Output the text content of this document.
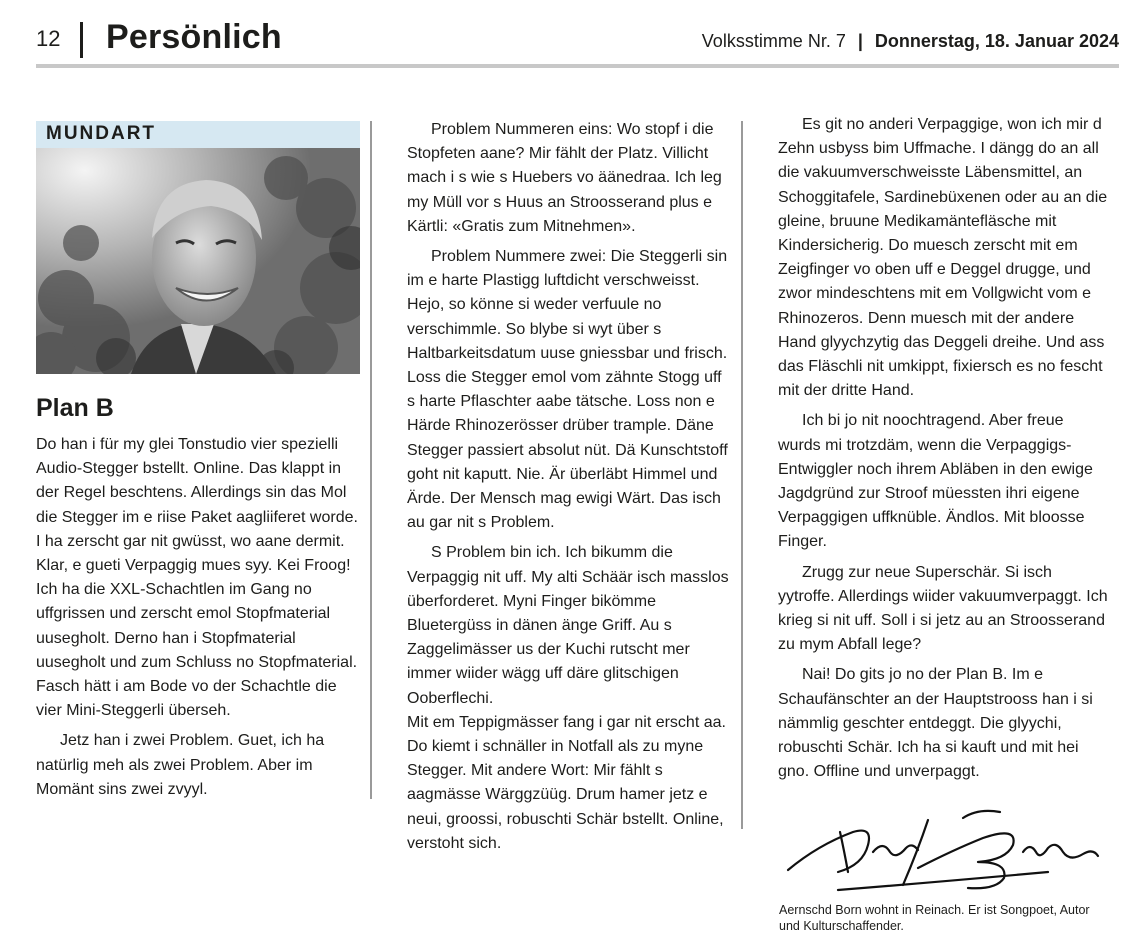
12 Persönlich	Volksstimme Nr. 7 | Donnerstag, 18. Januar 2024
MUNDART
Plan B

Do han i für my glei Tonstudio vier spezielli Audio-Stegger bstellt. Online. Das klappt in der Regel beschtens. Allerdings sin das Mol die Stegger im e riise Paket aagliiferet worde. I ha zerscht gar nit gwüsst, wo aane dermit. Klar, e gueti Verpaggig mues syy. Kei Froog! Ich ha die XXL-Schachtlen im Gang no uffgrissen und zerscht emol Stopfmaterial uusegholt. Derno han i Stopfmaterial uusegholt und zum Schluss no Stopfmaterial. Fasch hätt i am Bode vo der Schachtle die vier Mini-Steggerli überseh.

Jetz han i zwei Problem. Guet, ich ha natürlig meh als zwei Problem. Aber im Momänt sins zwei zvyyl.

Problem Nummeren eins: Wo stopf i die Stopfeten aane? Mir fählt der Platz. Villicht mach i s wie s Huebers vo äänedraa. Ich leg my Müll vor s Huus an Stroosserand plus e Kärtli: «Gratis zum Mitnehmen».

Problem Nummere zwei: Die Steggerli sin im e harte Plastigg luftdicht verschweisst. Hejo, so könne si weder verfuule no verschimmle. So blybe si wyt über s Haltbarkeitsdatum uuse gniessbar und frisch.

Loss die Stegger emol vom zähnte Stogg uff s harte Pflaschter aabe tätsche. Loss non e Härde Rhinozerösser drüber trample. Däne Stegger passiert absolut nüt. Dä Kunschtstoff goht nit kaputt. Nie. Är überläbt Himmel und Ärde. Der Mensch mag ewigi Wärt. Das isch au gar nit s Problem.

S Problem bin ich. Ich bikumm die Verpaggig nit uff. My alti Schäär isch masslos überforderet. Myni Finger bikömme Bluetergüss in dänen änge Griff. Au s Zaggelimässer us der Kuchi rutscht mer immer wiider wägg uff däre glitschigen Ooberflechi.

Mit em Teppigmässer fang i gar nit erscht aa. Do kiemt i schnäller in Notfall als zu myne Stegger. Mit andere Wort: Mir fählt s aagmässe Wärggzüüg. Drum hamer jetz e neui, groossi, robuschti Schär bstellt. Online, verstoht sich.

Es git no anderi Verpaggige, won ich mir d Zehn usbyss bim Uffmache. I dängg do an all die vakuumverschweisste Läbensmittel, an Schoggitafele, Sardinebüxenen oder au an die gleine, bruune Medikamäntefläsche mit Kindersicherig. Do muesch zerscht mit em Zeigfinger vo oben uff e Deggel drugge, und zwor mindeschtens mit em Vollgwicht vom e Rhinozeros. Denn muesch mit der andere Hand glyychzytig das Deggeli dreihe. Und ass das Fläschli nit umkippt, fixiersch es no fescht mit der dritte Hand.

Ich bi jo nit noochtragend. Aber freue wurds mi trotzdäm, wenn die Verpaggigs-Entwiggler noch ihrem Abläben in den ewige Jagdgründ zur Stroof müessten ihri eigene Verpaggigen uffknüble. Ändlos. Mit bloosse Finger.

Zrugg zur neue Superschär. Si isch yytroffe. Allerdings wiider vakuumverpaggt. Ich krieg si nit uff. Soll i si jetz au an Stroosserand zu mym Abfall lege?

Nai! Do gits jo no der Plan B. Im e Schaufänschter an der Hauptstrooss han i si nämmlig geschter entdeggt. Die glyychi, robuschti Schär. Ich ha si kauft und mit hei gno. Offline und unverpaggt.

Aernschd Born wohnt in Reinach. Er ist Songpoet, Autor und Kulturschaffender.
